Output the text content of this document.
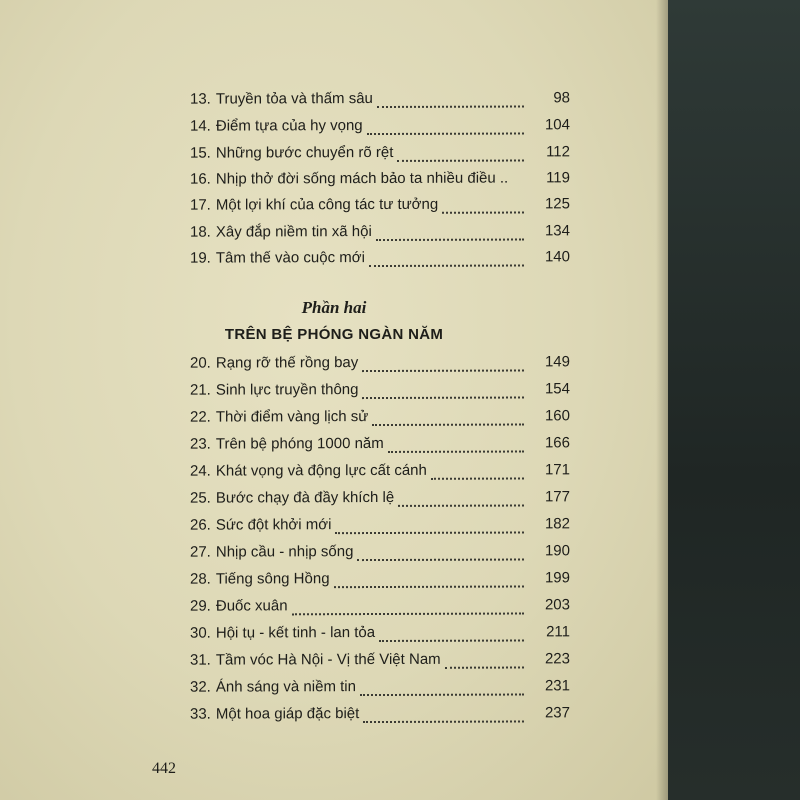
13. Truyền tỏa và thấm sâu	98
14. Điểm tựa của hy vọng	104
15. Những bước chuyển rõ rệt	112
16. Nhịp thở đời sống mách bảo ta nhiều điều ..	119
17. Một lợi khí của công tác tư tưởng	125
18. Xây đắp niềm tin xã hội	134
19. Tâm thế vào cuộc mới	140
Phần hai
TRÊN BỆ PHÓNG NGÀN NĂM
20. Rạng rỡ thế rồng bay	149
21. Sinh lực truyền thông	154
22. Thời điểm vàng lịch sử	160
23. Trên bệ phóng 1000 năm	166
24. Khát vọng và động lực cất cánh	171
25. Bước chạy đà đầy khích lệ	177
26. Sức đột khởi mới	182
27. Nhịp cầu - nhịp sống	190
28. Tiếng sông Hồng	199
29. Đuốc xuân	203
30. Hội tụ - kết tinh - lan tỏa	211
31. Tầm vóc Hà Nội - Vị thế Việt Nam	223
32. Ánh sáng và niềm tin	231
33. Một hoa giáp đặc biệt	237
442
